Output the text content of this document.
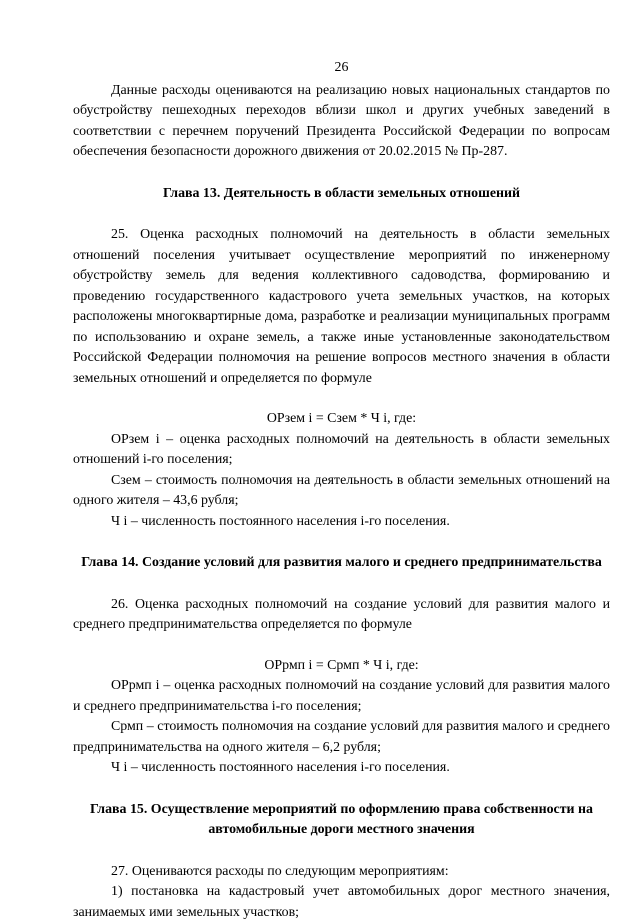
26

Данные расходы оцениваются на реализацию новых национальных стандартов по обустройству пешеходных переходов вблизи школ и других учебных заведений в соответствии с перечнем поручений Президента Российской Федерации по вопросам обеспечения безопасности дорожного движения от 20.02.2015 № Пр-287.

Глава 13. Деятельность в области земельных отношений

25. Оценка расходных полномочий на деятельность в области земельных отношений поселения учитывает осуществление мероприятий по инженерному обустройству земель для ведения коллективного садоводства, формированию и проведению государственного кадастрового учета земельных участков, на которых расположены многоквартирные дома, разработке и реализации муниципальных программ по использованию и охране земель, а также иные установленные законодательством Российской Федерации полномочия на решение вопросов местного значения в области земельных отношений и определяется по формуле

ОРзем i = Сзем * Ч i, где:

ОРзем i – оценка расходных полномочий на деятельность в области земельных отношений i-го поселения;

Сзем – стоимость полномочия на деятельность в области земельных отношений на одного жителя – 43,6 рубля;

Ч i – численность постоянного населения i-го поселения.

Глава 14. Создание условий для развития малого и среднего предпринимательства

26. Оценка расходных полномочий на создание условий для развития малого и среднего предпринимательства определяется по формуле

ОРрмп i = Срмп * Ч i, где:

ОРрмп i – оценка расходных полномочий на создание условий для развития малого и среднего предпринимательства i-го поселения;

Срмп – стоимость полномочия на создание условий для развития малого и среднего предпринимательства на одного жителя – 6,2 рубля;

Ч i – численность постоянного населения i-го поселения.

Глава 15. Осуществление мероприятий по оформлению права собственности на автомобильные дороги местного значения

27. Оцениваются расходы по следующим мероприятиям:

1) постановка на кадастровый учет автомобильных дорог местного значения, занимаемых ими земельных участков;
